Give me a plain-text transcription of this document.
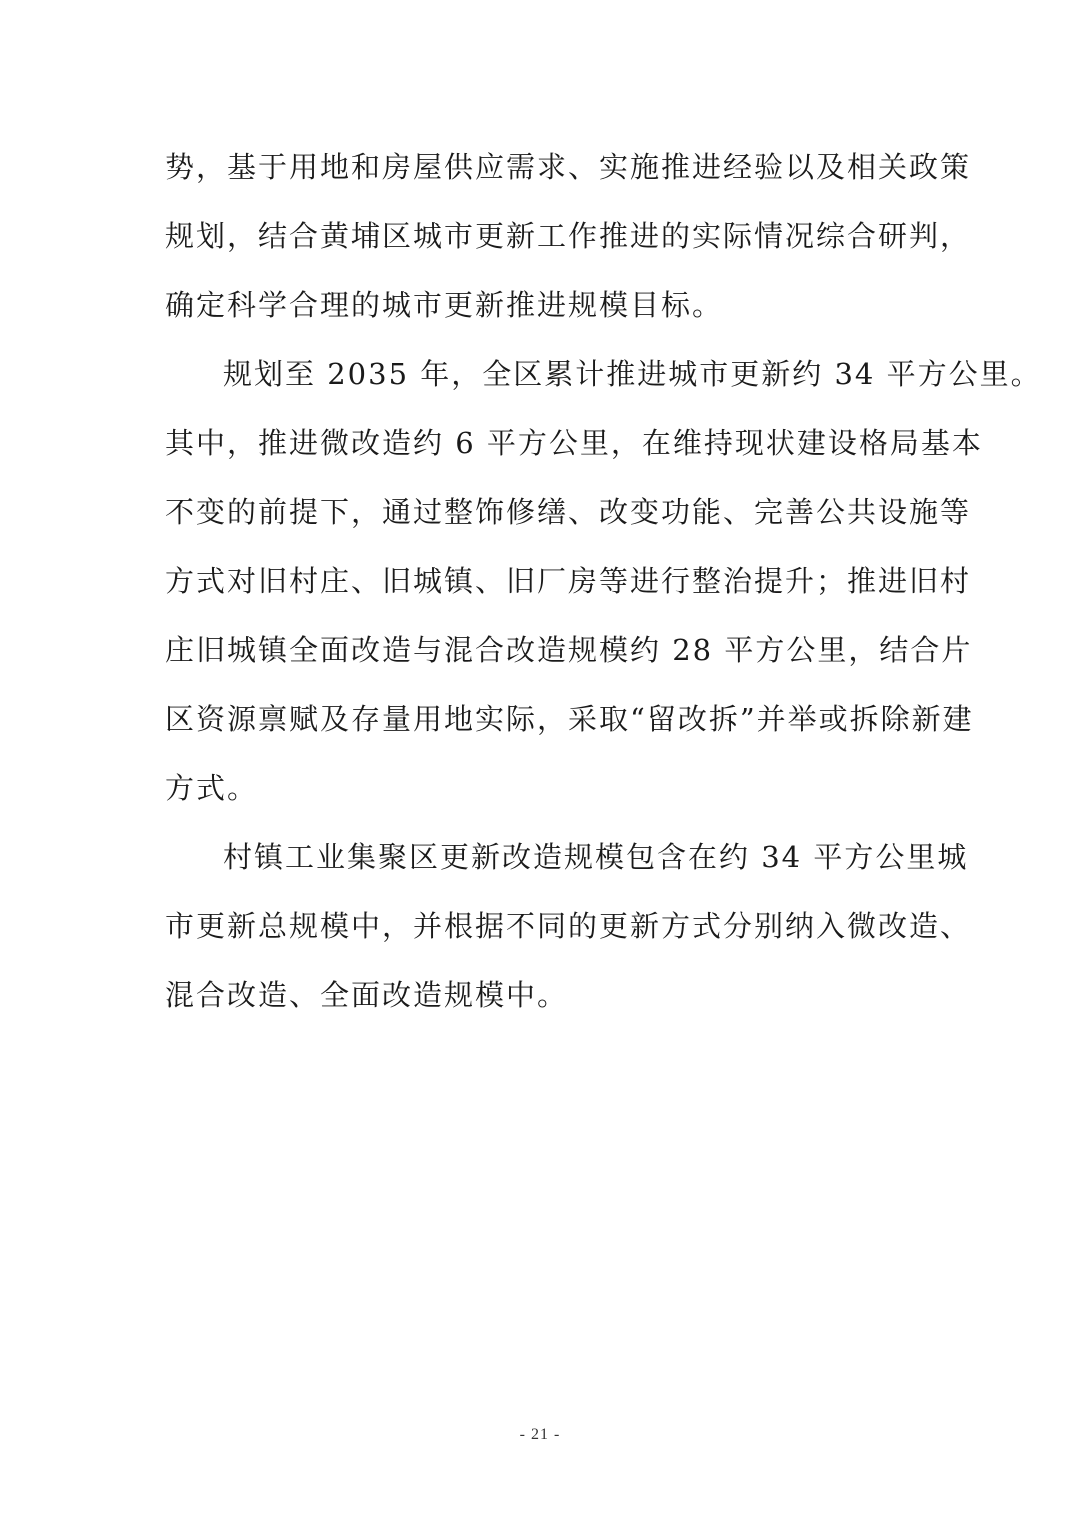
势，基于用地和房屋供应需求、实施推进经验以及相关政策
规划，结合黄埔区城市更新工作推进的实际情况综合研判，
确定科学合理的城市更新推进规模目标。
规划至 2035 年，全区累计推进城市更新约 34 平方公里。
其中，推进微改造约 6 平方公里，在维持现状建设格局基本
不变的前提下，通过整饰修缮、改变功能、完善公共设施等
方式对旧村庄、旧城镇、旧厂房等进行整治提升；推进旧村
庄旧城镇全面改造与混合改造规模约 28 平方公里，结合片
区资源禀赋及存量用地实际，采取“留改拆”并举或拆除新建
方式。
村镇工业集聚区更新改造规模包含在约 34 平方公里城
市更新总规模中，并根据不同的更新方式分别纳入微改造、
混合改造、全面改造规模中。
- 21 -
